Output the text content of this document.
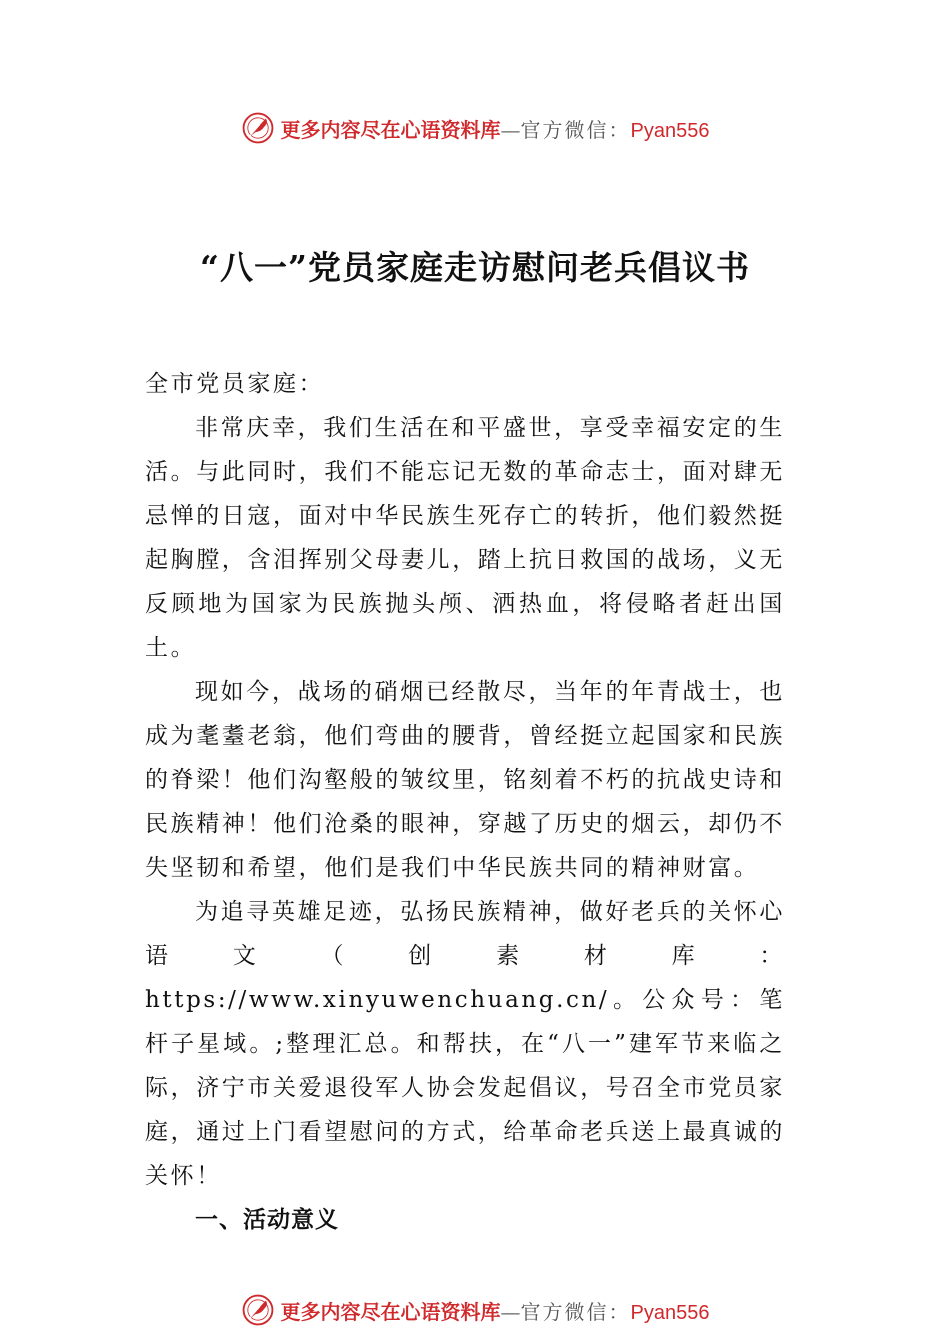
更多内容尽在心语资料库—官方微信：Pyan556
“八一”党员家庭走访慰问老兵倡议书

全市党员家庭：

非常庆幸，我们生活在和平盛世，享受幸福安定的生活。与此同时，我们不能忘记无数的革命志士，面对肆无忌惮的日寇，面对中华民族生死存亡的转折，他们毅然挺起胸膛，含泪挥别父母妻儿，踏上抗日救国的战场，义无反顾地为国家为民族抛头颅、洒热血，将侵略者赶出国土。

现如今，战场的硝烟已经散尽，当年的年青战士，也成为耄耋老翁，他们弯曲的腰背，曾经挺立起国家和民族的脊梁！他们沟壑般的皱纹里，铭刻着不朽的抗战史诗和民族精神！他们沧桑的眼神，穿越了历史的烟云，却仍不失坚韧和希望，他们是我们中华民族共同的精神财富。

为追寻英雄足迹，弘扬民族精神，做好老兵的关怀心语文（创素材库：https://www.xinyuwenchuang.cn/。公众号：笔杆子星域。;整理汇总。和帮扶，在“八一”建军节来临之际，济宁市关爱退役军人协会发起倡议，号召全市党员家庭，通过上门看望慰问的方式，给革命老兵送上最真诚的关怀！

一、活动意义
更多内容尽在心语资料库—官方微信：Pyan556
